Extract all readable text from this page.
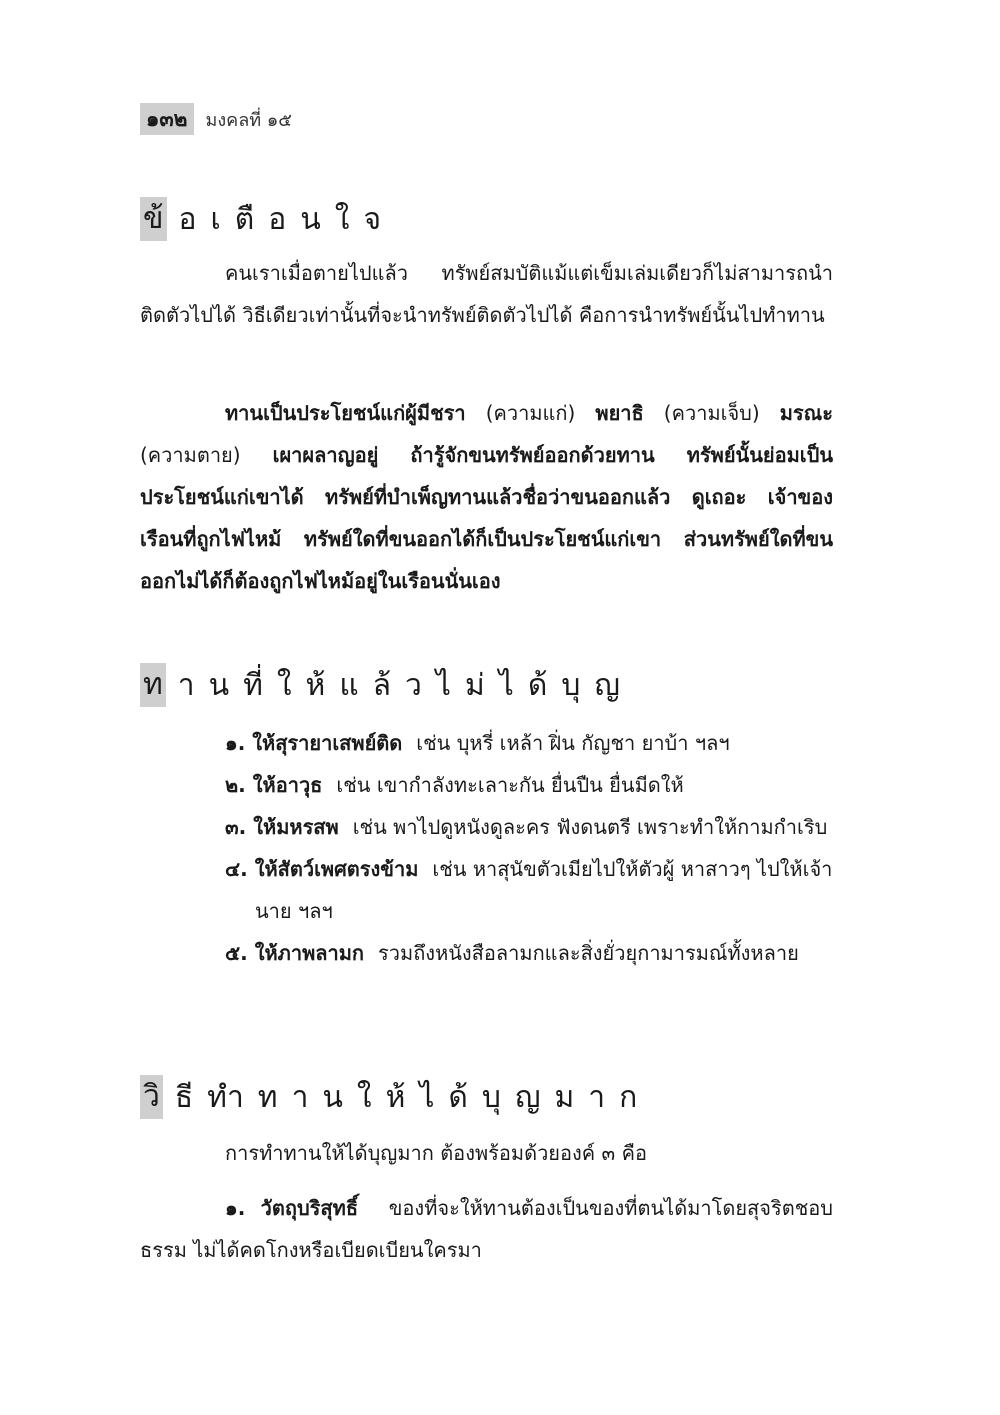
๑๓๒	มงคลที่ ๑๕
ข้ อเตือนใจ

คนเราเมื่อตายไปแล้ว ทรัพย์สมบัติแม้แต่เข็มเล่มเดียวก็ไม่สามารถนำติดตัวไปได้ วิธีเดียวเท่านั้นที่จะนำทรัพย์ติดตัวไปได้ คือการนำทรัพย์นั้นไปทำทาน

ทานเป็นประโยชน์แก่ผู้มีชรา (ความแก่) พยาธิ (ความเจ็บ) มรณะ (ความตาย) เผาผลาญอยู่ ถ้ารู้จักขนทรัพย์ออกด้วยทาน ทรัพย์นั้นย่อมเป็นประโยชน์แก่เขาได้ ทรัพย์ที่บำเพ็ญทานแล้วชื่อว่าขนออกแล้ว ดูเถอะ เจ้าของเรือนที่ถูกไฟไหม้ ทรัพย์ใดที่ขนออกได้ก็เป็นประโยชน์แก่เขา ส่วนทรัพย์ใดที่ขนออกไม่ได้ก็ต้องถูกไฟไหม้อยู่ในเรือนนั่นเอง

ท านที่ให้แล้วไม่ได้บุญ
๑. ให้สุรายาเสพย์ติด เช่น บุหรี่ เหล้า ฝิ่น กัญชา ยาบ้า ฯลฯ
๒. ให้อาวุธ เช่น เขากำลังทะเลาะกัน ยื่นปืน ยื่นมีดให้
๓. ให้มหรสพ เช่น พาไปดูหนังดูละคร ฟังดนตรี เพราะทำให้กามกำเริบ
๔. ให้สัตว์เพศตรงข้าม เช่น หาสุนัขตัวเมียไปให้ตัวผู้ หาสาวๆ ไปให้เจ้านาย ฯลฯ
๕. ให้ภาพลามก รวมถึงหนังสือลามกและสิ่งยั่วยุกามารมณ์ทั้งหลาย
วิ ธีทำทานให้ได้บุญมาก

การทำทานให้ได้บุญมาก ต้องพร้อมด้วยองค์ ๓ คือ

๑. วัตถุบริสุทธิ์ ของที่จะให้ทานต้องเป็นของที่ตนได้มาโดยสุจริตชอบธรรม ไม่ได้คดโกงหรือเบียดเบียนใครมา
